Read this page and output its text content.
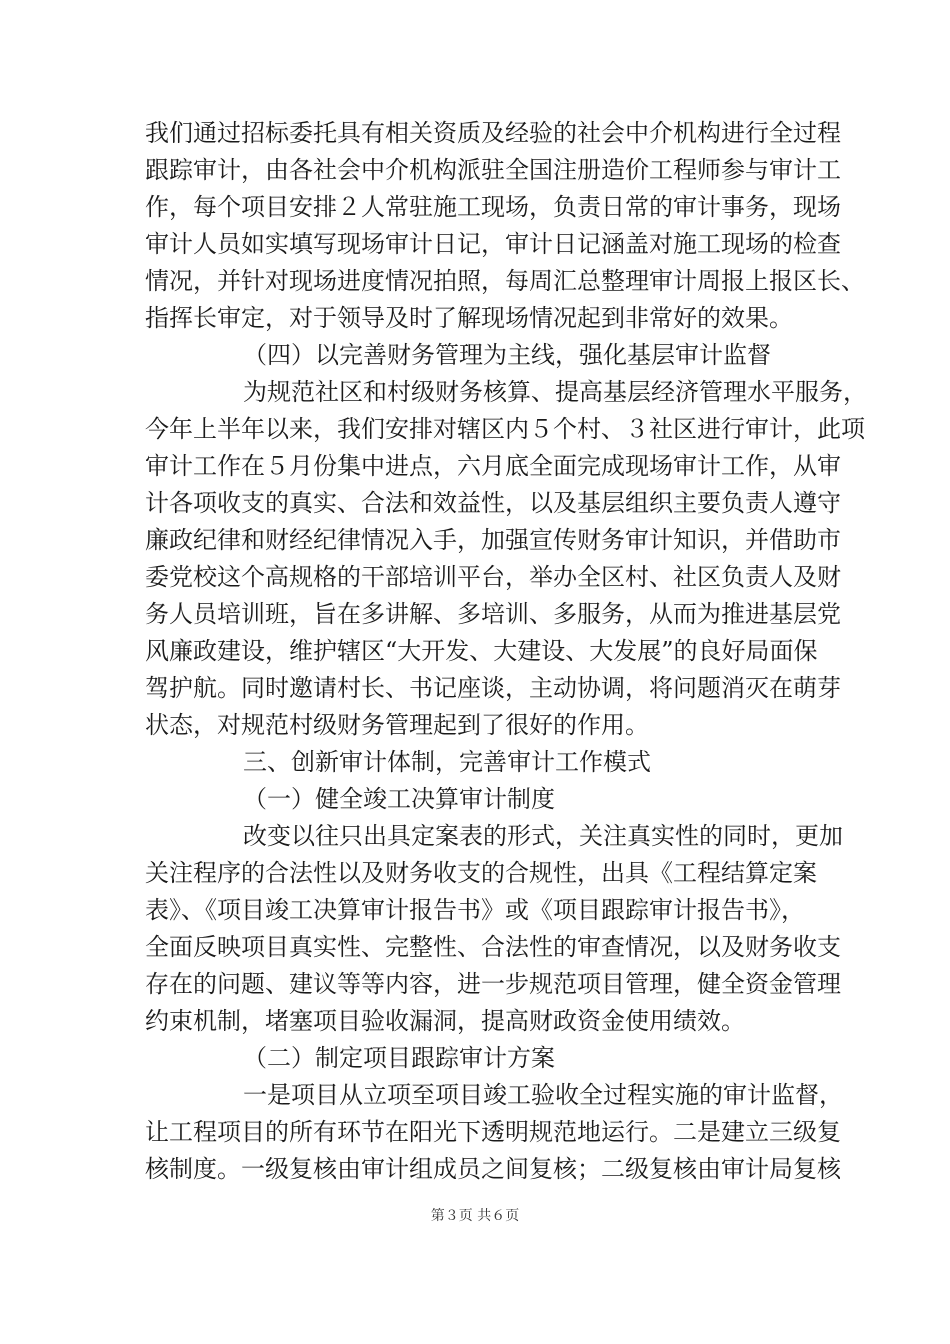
我们通过招标委托具有相关资质及经验的社会中介机构进行全过程

跟踪审计，由各社会中介机构派驻全国注册造价工程师参与审计工

作，每个项目安排２人常驻施工现场，负责日常的审计事务，现场

审计人员如实填写现场审计日记，审计日记涵盖对施工现场的检查

情况，并针对现场进度情况拍照，每周汇总整理审计周报上报区长、

指挥长审定，对于领导及时了解现场情况起到非常好的效果。

（四）以完善财务管理为主线，强化基层审计监督

为规范社区和村级财务核算、提高基层经济管理水平服务，

今年上半年以来，我们安排对辖区内５个村、３社区进行审计，此项

审计工作在５月份集中进点，六月底全面完成现场审计工作，从审

计各项收支的真实、合法和效益性，以及基层组织主要负责人遵守

廉政纪律和财经纪律情况入手，加强宣传财务审计知识，并借助市

委党校这个高规格的干部培训平台，举办全区村、社区负责人及财

务人员培训班，旨在多讲解、多培训、多服务，从而为推进基层党

风廉政建设，维护辖区“大开发、大建设、大发展”的良好局面保

驾护航。同时邀请村长、书记座谈，主动协调，将问题消灭在萌芽

状态，对规范村级财务管理起到了很好的作用。

三、创新审计体制，完善审计工作模式

（一）健全竣工决算审计制度

改变以往只出具定案表的形式，关注真实性的同时，更加

关注程序的合法性以及财务收支的合规性，出具《工程结算定案

表》、《项目竣工决算审计报告书》或《项目跟踪审计报告书》，

全面反映项目真实性、完整性、合法性的审查情况，以及财务收支

存在的问题、建议等等内容，进一步规范项目管理，健全资金管理

约束机制，堵塞项目验收漏洞，提高财政资金使用绩效。

（二）制定项目跟踪审计方案

一是项目从立项至项目竣工验收全过程实施的审计监督，

让工程项目的所有环节在阳光下透明规范地运行。二是建立三级复

核制度。一级复核由审计组成员之间复核；二级复核由审计局复核

第３页 共６页
